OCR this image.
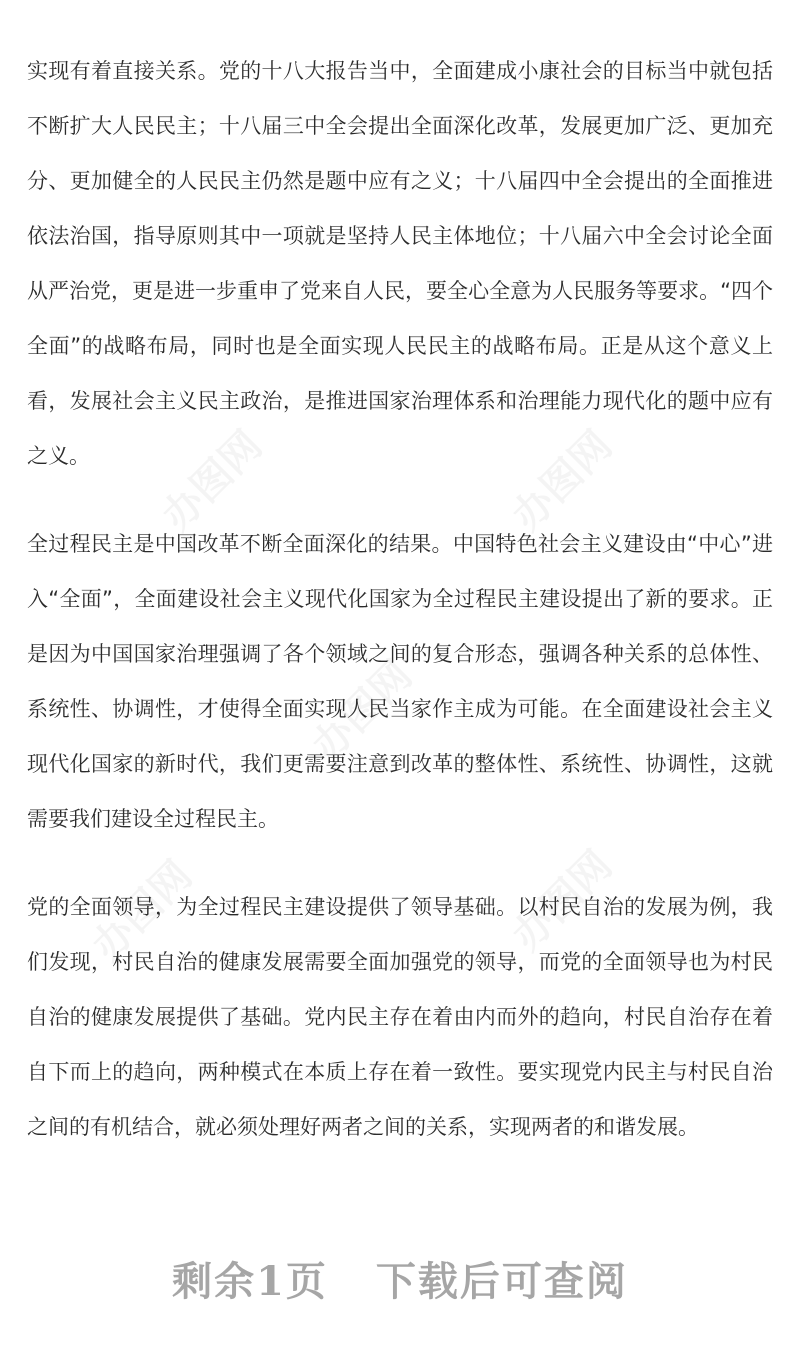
实现有着直接关系。党的十八大报告当中，全面建成小康社会的目标当中就包括不断扩大人民民主；十八届三中全会提出全面深化改革，发展更加广泛、更加充分、更加健全的人民民主仍然是题中应有之义；十八届四中全会提出的全面推进依法治国，指导原则其中一项就是坚持人民主体地位；十八届六中全会讨论全面从严治党，更是进一步重申了党来自人民，要全心全意为人民服务等要求。“四个全面”的战略布局，同时也是全面实现人民民主的战略布局。正是从这个意义上看，发展社会主义民主政治，是推进国家治理体系和治理能力现代化的题中应有之义。

全过程民主是中国改革不断全面深化的结果。中国特色社会主义建设由“中心”进入“全面”，全面建设社会主义现代化国家为全过程民主建设提出了新的要求。正是因为中国国家治理强调了各个领域之间的复合形态，强调各种关系的总体性、系统性、协调性，才使得全面实现人民当家作主成为可能。在全面建设社会主义现代化国家的新时代，我们更需要注意到改革的整体性、系统性、协调性，这就需要我们建设全过程民主。

党的全面领导，为全过程民主建设提供了领导基础。以村民自治的发展为例，我们发现，村民自治的健康发展需要全面加强党的领导，而党的全面领导也为村民自治的健康发展提供了基础。党内民主存在着由内而外的趋向，村民自治存在着自下而上的趋向，两种模式在本质上存在着一致性。要实现党内民主与村民自治之间的有机结合，就必须处理好两者之间的关系，实现两者的和谐发展。

剩余1页 下载后可查阅
